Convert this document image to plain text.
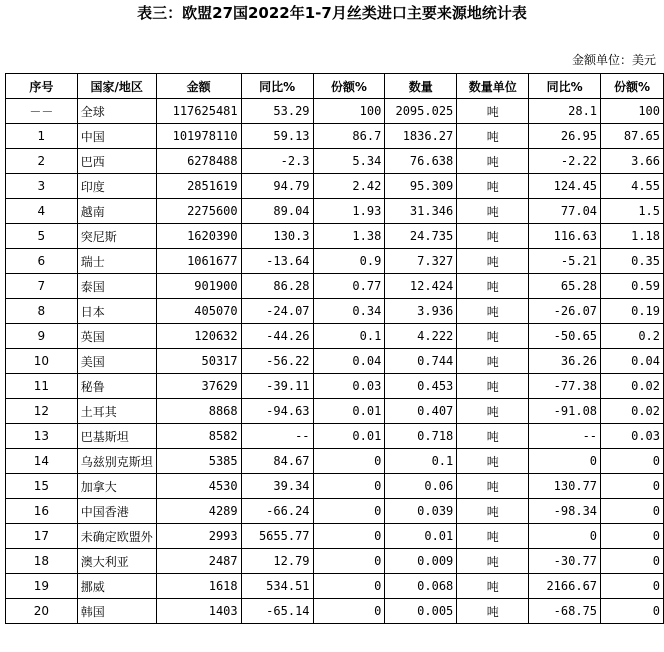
表三：欧盟27国2022年1-7月丝类进口主要来源地统计表
金额单位：美元
序号	国家/地区	金额	同比%	份额%	数量	数量单位	同比%	份额%
－－	全球	117625481	53.29	100	2095.025	吨	28.1	100
1	中国	101978110	59.13	86.7	1836.27	吨	26.95	87.65
2	巴西	6278488	-2.3	5.34	76.638	吨	-2.22	3.66
3	印度	2851619	94.79	2.42	95.309	吨	124.45	4.55
4	越南	2275600	89.04	1.93	31.346	吨	77.04	1.5
5	突尼斯	1620390	130.3	1.38	24.735	吨	116.63	1.18
6	瑞士	1061677	-13.64	0.9	7.327	吨	-5.21	0.35
7	泰国	901900	86.28	0.77	12.424	吨	65.28	0.59
8	日本	405070	-24.07	0.34	3.936	吨	-26.07	0.19
9	英国	120632	-44.26	0.1	4.222	吨	-50.65	0.2
10	美国	50317	-56.22	0.04	0.744	吨	36.26	0.04
11	秘鲁	37629	-39.11	0.03	0.453	吨	-77.38	0.02
12	土耳其	8868	-94.63	0.01	0.407	吨	-91.08	0.02
13	巴基斯坦	8582	--	0.01	0.718	吨	--	0.03
14	乌兹别克斯坦	5385	84.67	0	0.1	吨	0	0
15	加拿大	4530	39.34	0	0.06	吨	130.77	0
16	中国香港	4289	-66.24	0	0.039	吨	-98.34	0
17	未确定欧盟外	2993	5655.77	0	0.01	吨	0	0
18	澳大利亚	2487	12.79	0	0.009	吨	-30.77	0
19	挪威	1618	534.51	0	0.068	吨	2166.67	0
20	韩国	1403	-65.14	0	0.005	吨	-68.75	0
